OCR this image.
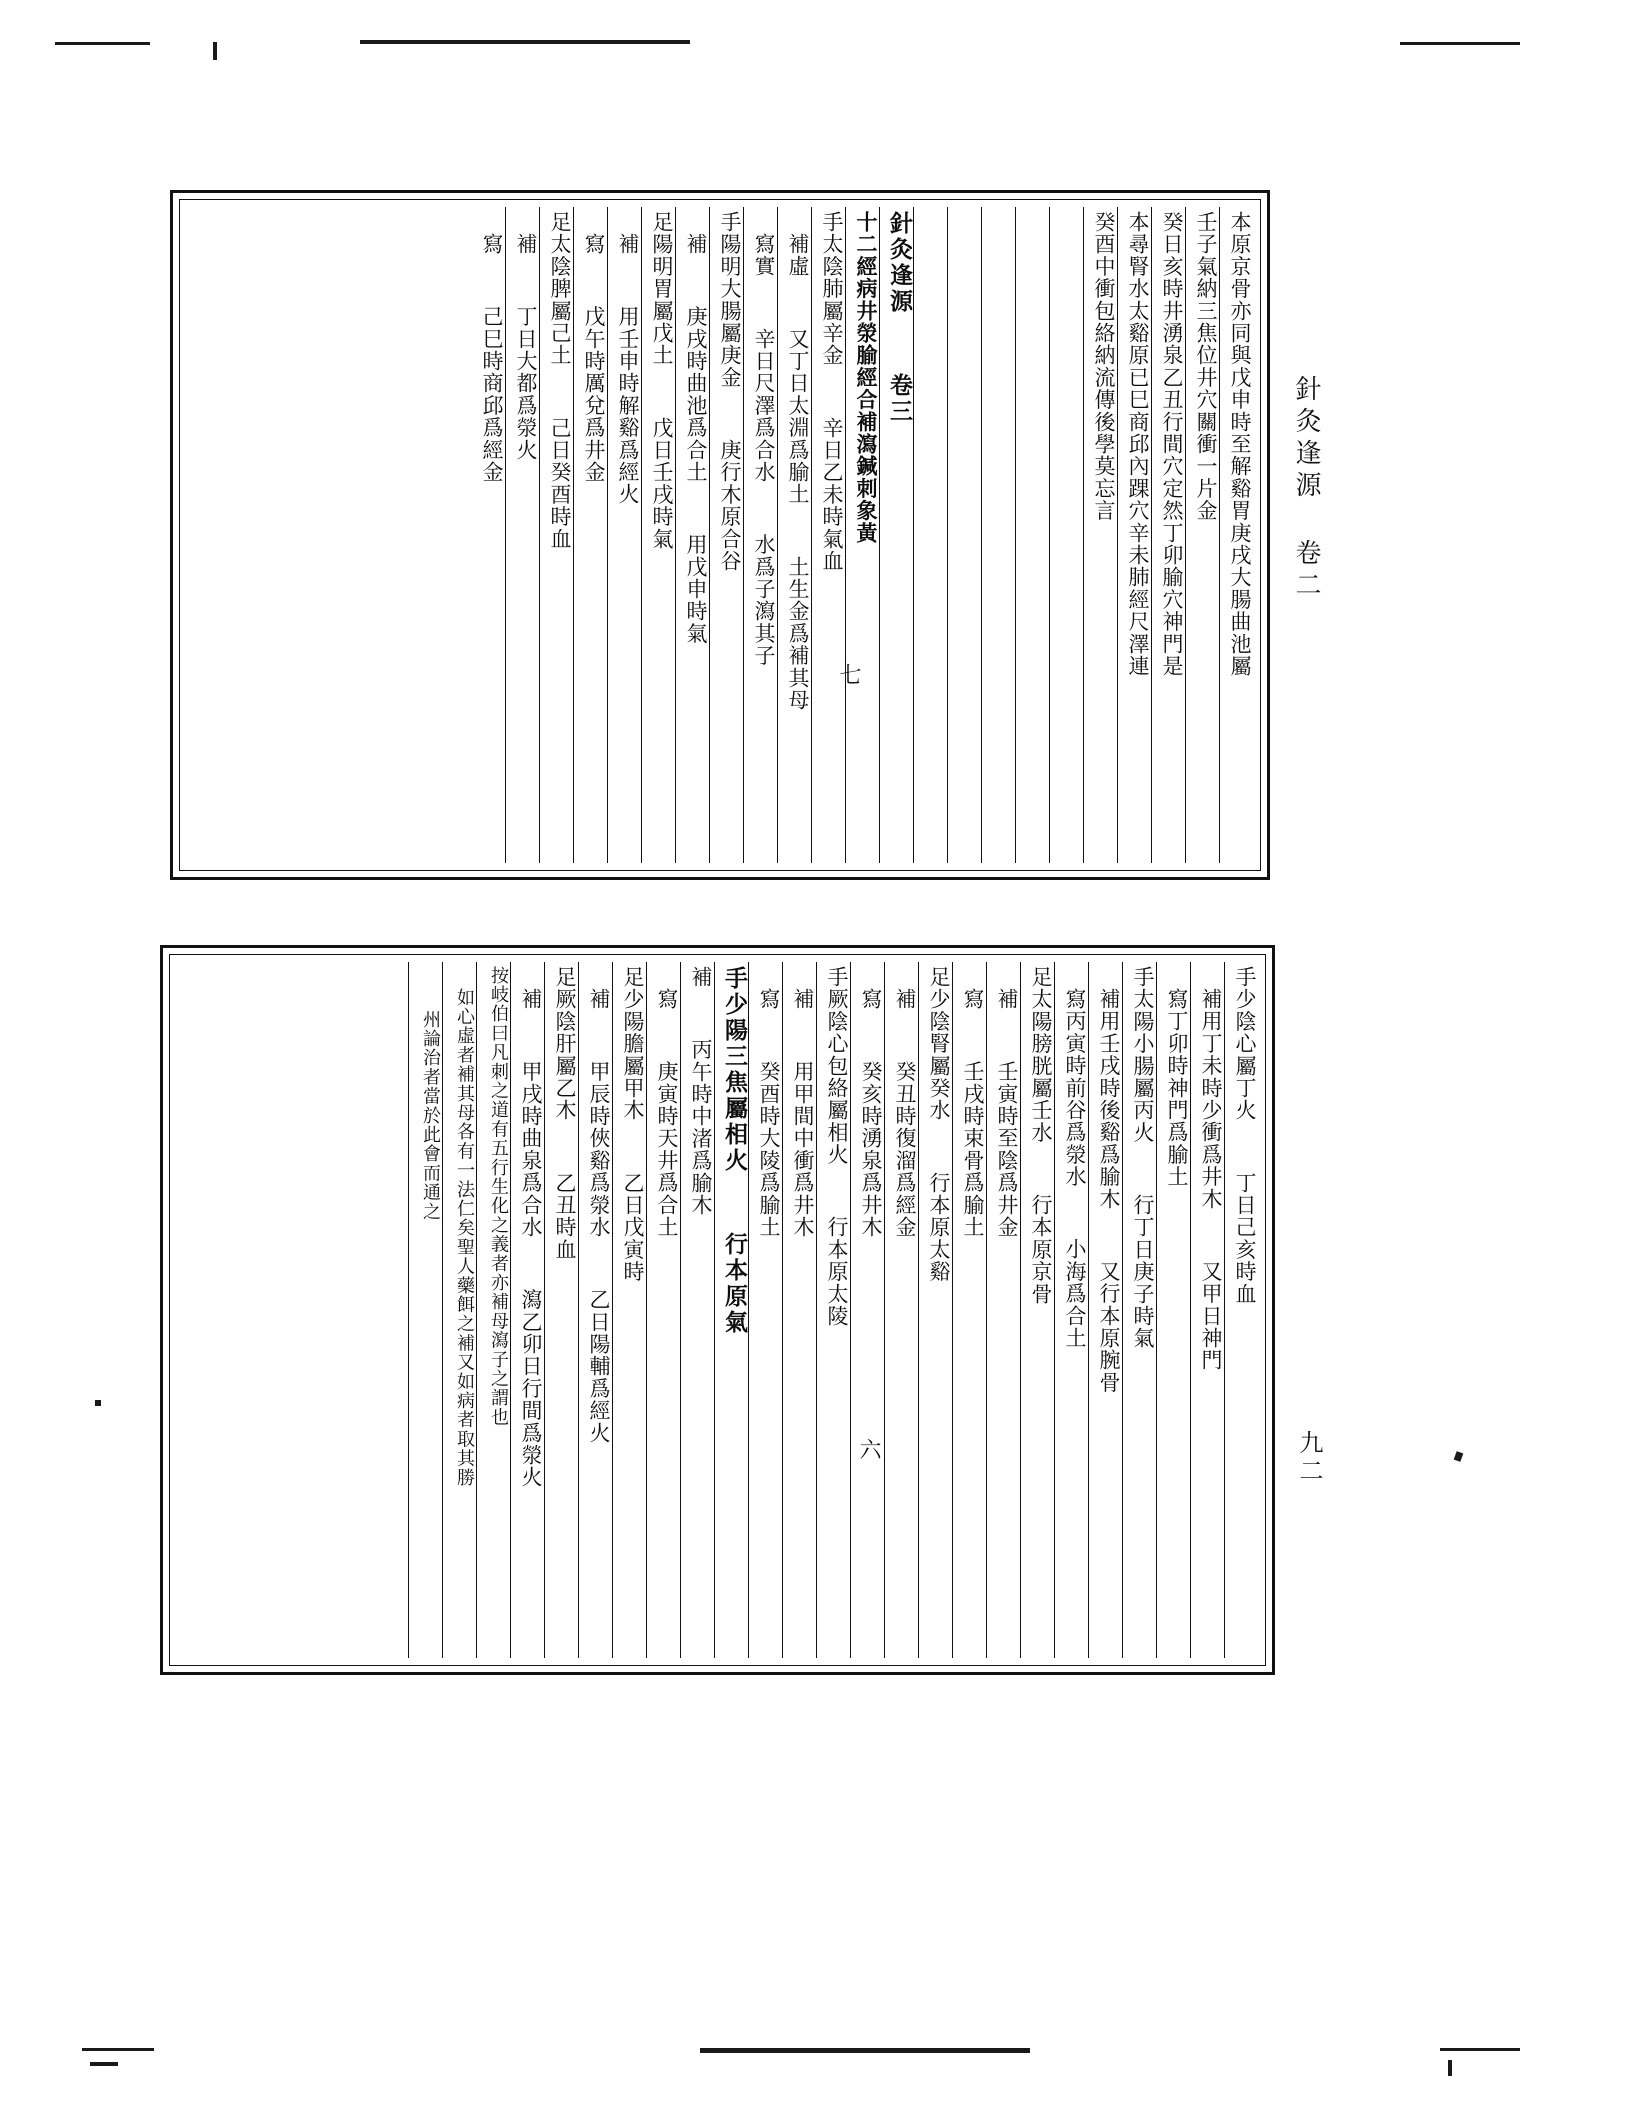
針灸逢源 卷二
九二
本原京骨亦同與戊申時至解谿胃庚戌大腸曲池屬
壬子氣納三焦位井穴關衝一片金
癸日亥時井湧泉乙丑行間穴定然丁卯腧穴神門是
本尋腎水太谿原已巳商邱內踝穴辛未肺經尺澤連
癸酉中衝包絡納流傳後學莫忘言
針灸逢源  卷三
十二經病井滎腧經合補瀉鍼刺象黃
手太陰肺屬辛金  辛日乙未時氣血
補虛  又丁日太淵爲腧土  土生金爲補其母
寫實  辛日尺澤爲合水  水爲子瀉其子
手陽明大腸屬庚金  庚行木原合谷
補  庚戌時曲池爲合土  用戊申時氣
足陽明胃屬戊土  戊日壬戌時氣
補  用壬申時解谿爲經火
寫  戊午時厲兌爲井金
足太陰脾屬己土  己日癸酉時血
補  丁日大都爲滎火
寫  己巳時商邱爲經金
七
手少陰心屬丁火  丁日己亥時血
補用丁未時少衝爲井木  又甲日神門
寫丁卯時神門爲腧土
手太陽小腸屬丙火  行丁日庚子時氣
補用壬戌時後谿爲腧木  又行本原腕骨
寫丙寅時前谷爲滎水  小海爲合土
足太陽膀胱屬壬水  行本原京骨
補  壬寅時至陰爲井金
寫  壬戌時束骨爲腧土
足少陰腎屬癸水  行本原太谿
補  癸丑時復溜爲經金
寫  癸亥時湧泉爲井木
手厥陰心包絡屬相火  行本原太陵
補  用甲間中衝爲井木
寫  癸酉時大陵爲腧土
手少陽三焦屬相火  行本原氣
補  丙午時中渚爲腧木
寫  庚寅時天井爲合土
足少陽膽屬甲木  乙日戊寅時
補  甲辰時俠谿爲滎水  乙日陽輔爲經火
足厥陰肝屬乙木  乙丑時血
補  甲戌時曲泉爲合水  瀉乙卯日行間爲滎火
按岐伯曰凡刺之道有五行生化之義者亦補母瀉子之謂也
如心虛者補其母各有一法仁矣聖人藥餌之補又如病者取其勝
州論治者當於此會而通之
六
